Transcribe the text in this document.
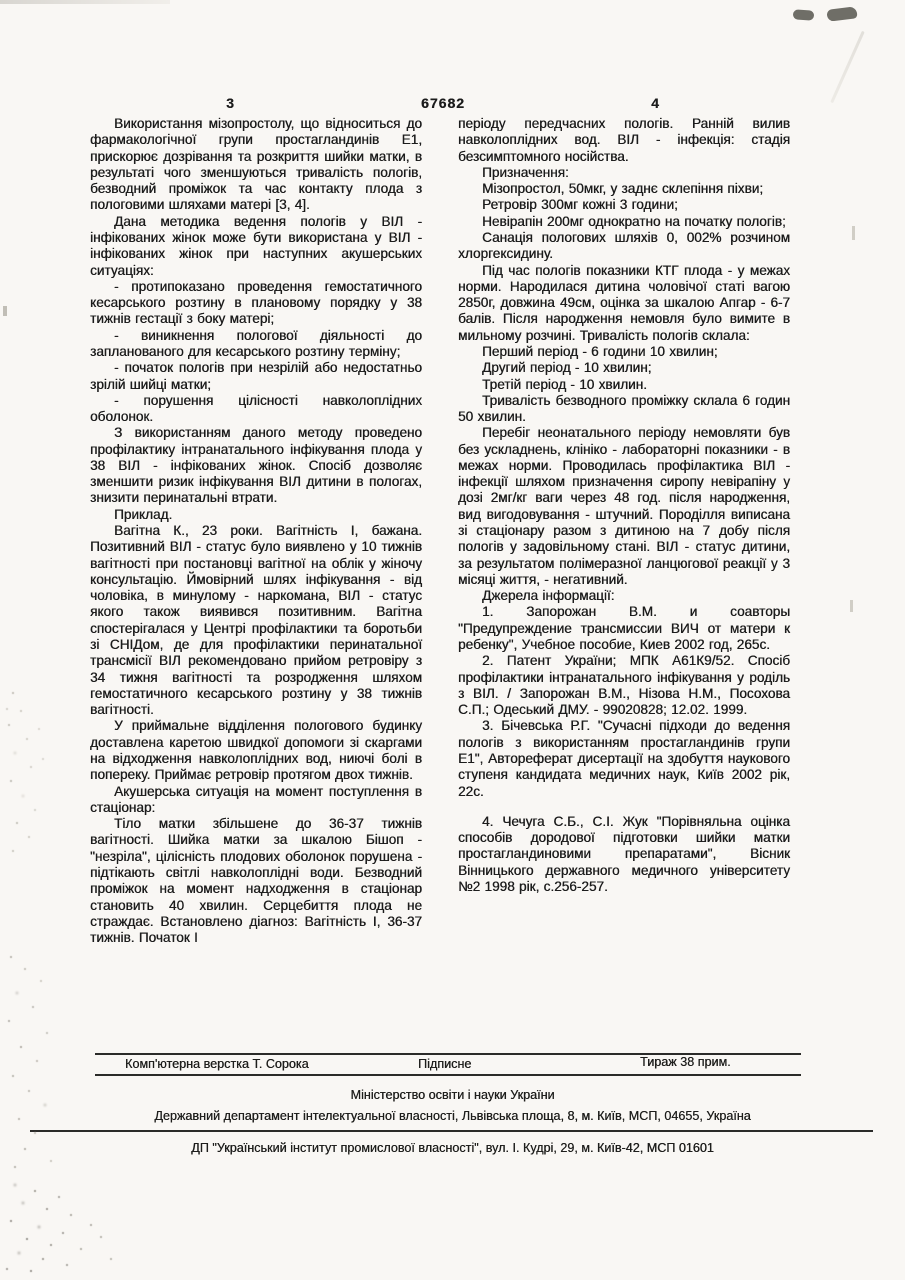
3	67682	4

Використання мізопростолу, що відноситься до фармакологічної групи простагландинів Е1, прискорює дозрівання та розкриття шийки матки, в результаті чого зменшуються тривалість пологів, безводний проміжок та час контакту плода з пологовими шляхами матері [3, 4].

Дана методика ведення пологів у ВІЛ - інфікованих жінок може бути використана у ВІЛ - інфікованих жінок при наступних акушерських ситуаціях:

- протипоказано проведення гемостатичного кесарського розтину в плановому порядку у 38 тижнів гестації з боку матері;

- виникнення пологової діяльності до запланованого для кесарського розтину терміну;

- початок пологів при незрілій або недостатньо зрілій шийці матки;

- порушення цілісності навколоплідних оболонок.

З використанням даного методу проведено профілактику інтранатального інфікування плода у 38 ВІЛ - інфікованих жінок. Спосіб дозволяє зменшити ризик інфікування ВІЛ дитини в пологах, знизити перинатальні втрати.

Приклад.

Вагітна К., 23 роки. Вагітність І, бажана. Позитивний ВІЛ - статус було виявлено у 10 тижнів вагітності при постановці вагітної на облік у жіночу консультацію. Ймовірний шлях інфікування - від чоловіка, в минулому - наркомана, ВІЛ - статус якого також виявився позитивним. Вагітна спостерігалася у Центрі профілактики та боротьби зі СНІДом, де для профілактики перинатальної трансмісії ВІЛ рекомендовано прийом ретровіру з 34 тижня вагітності та розродження шляхом гемостатичного кесарського розтину у 38 тижнів вагітності.

У приймальне відділення пологового будинку доставлена каретою швидкої допомоги зі скаргами на відходження навколоплідних вод, ниючі болі в попереку. Приймає ретровір протягом двох тижнів.

Акушерська ситуація на момент поступлення в стаціонар:

Тіло матки збільшене до 36-37 тижнів вагітності. Шийка матки за шкалою Бішоп - "незріла", цілісність плодових оболонок порушена - підтікають світлі навколоплідні води. Безводний проміжок на момент надходження в стаціонар становить 40 хвилин. Серцебиття плода не страждає. Встановлено діагноз: Вагітність І, 36-37 тижнів. Початок І

періоду передчасних пологів. Ранній вилив навколоплідних вод. ВІЛ - інфекція: стадія безсимптомного носійства.

Призначення:

Мізопростол, 50мкг, у заднє склепіння піхви;

Ретровір 300мг кожні 3 години;

Невірапін 200мг однократно на початку пологів;

Санація пологових шляхів 0, 002% розчином хлоргексидину.

Під час пологів показники КТГ плода - у межах норми. Народилася дитина чоловічої статі вагою 2850г, довжина 49см, оцінка за шкалою Апгар - 6-7 балів. Після народження немовля було вимите в мильному розчині. Тривалість пологів склала:

Перший період - 6 години 10 хвилин;

Другий період - 10 хвилин;

Третій період - 10 хвилин.

Тривалість безводного проміжку склала 6 годин 50 хвилин.

Перебіг неонатального періоду немовляти був без ускладнень, клініко - лабораторні показники - в межах норми. Проводилась профілактика ВІЛ - інфекції шляхом призначення сиропу невірапіну у дозі 2мг/кг ваги через 48 год. після народження, вид вигодовування - штучний. Породілля виписана зі стаціонару разом з дитиною на 7 добу після пологів у задовільному стані. ВІЛ - статус дитини, за результатом полімеразної ланцюгової реакції у 3 місяці життя, - негативний.

Джерела інформації:

1. Запорожан В.М. и соавторы "Предупреждение трансмиссии ВИЧ от матери к ребенку", Учебное пособие, Киев 2002 год, 265с.

2. Патент України; МПК А61К9/52. Спосіб профілактики інтранатального інфікування у роділь з ВІЛ. / Запорожан В.М., Нізова Н.М., Посохова С.П.; Одеський ДМУ. - 99020828; 12.02. 1999.

3. Бічевська Р.Г. "Сучасні підходи до ведення пологів з використанням простагландинів групи Е1", Автореферат дисертації на здобуття наукового ступеня кандидата медичних наук, Київ 2002 рік, 22с.

4. Чечуга С.Б., С.І. Жук "Порівняльна оцінка способів дородової підготовки шийки матки простагландиновими препаратами", Вісник Вінницького державного медичного університету №2 1998 рік, с.256-257.

Комп'ютерна верстка Т. Сорока	Підписне	Тираж 38 прим.
Міністерство освіти і науки України
Державний департамент інтелектуальної власності, Львівська площа, 8, м. Київ, МСП, 04655, Україна
ДП "Український інститут промислової власності", вул. І. Кудрі, 29, м. Київ-42, МСП 01601
